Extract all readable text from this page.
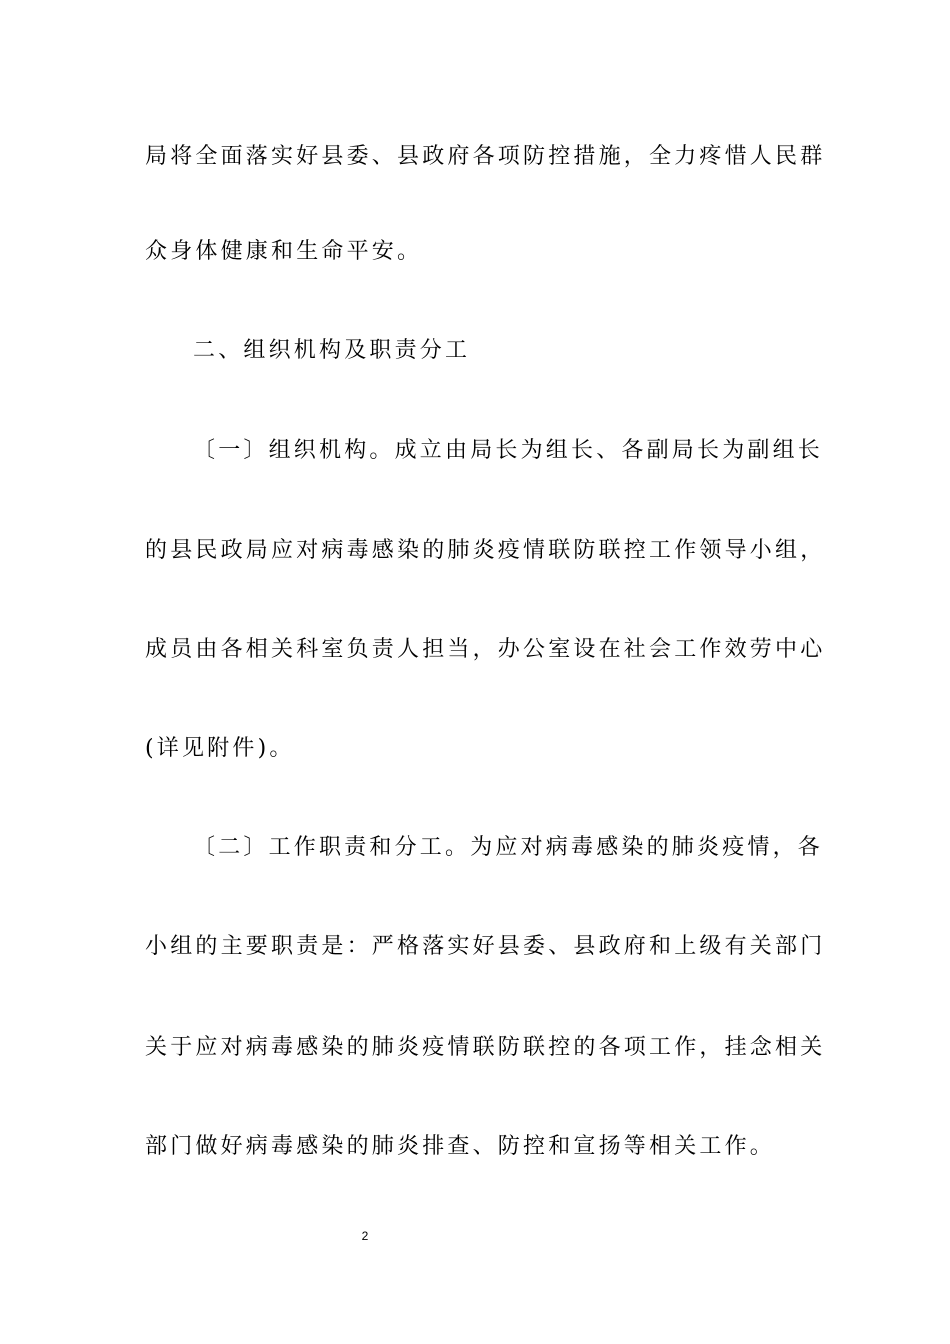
局将全面落实好县委、县政府各项防控措施，全力疼惜人民群
众身体健康和生命平安。
二、组织机构及职责分工
〔一〕组织机构。成立由局长为组长、各副局长为副组长
的县民政局应对病毒感染的肺炎疫情联防联控工作领导小组，
成员由各相关科室负责人担当，办公室设在社会工作效劳中心
(详见附件)。
〔二〕工作职责和分工。为应对病毒感染的肺炎疫情，各
小组的主要职责是：严格落实好县委、县政府和上级有关部门
关于应对病毒感染的肺炎疫情联防联控的各项工作，挂念相关
部门做好病毒感染的肺炎排查、防控和宣扬等相关工作。
2
